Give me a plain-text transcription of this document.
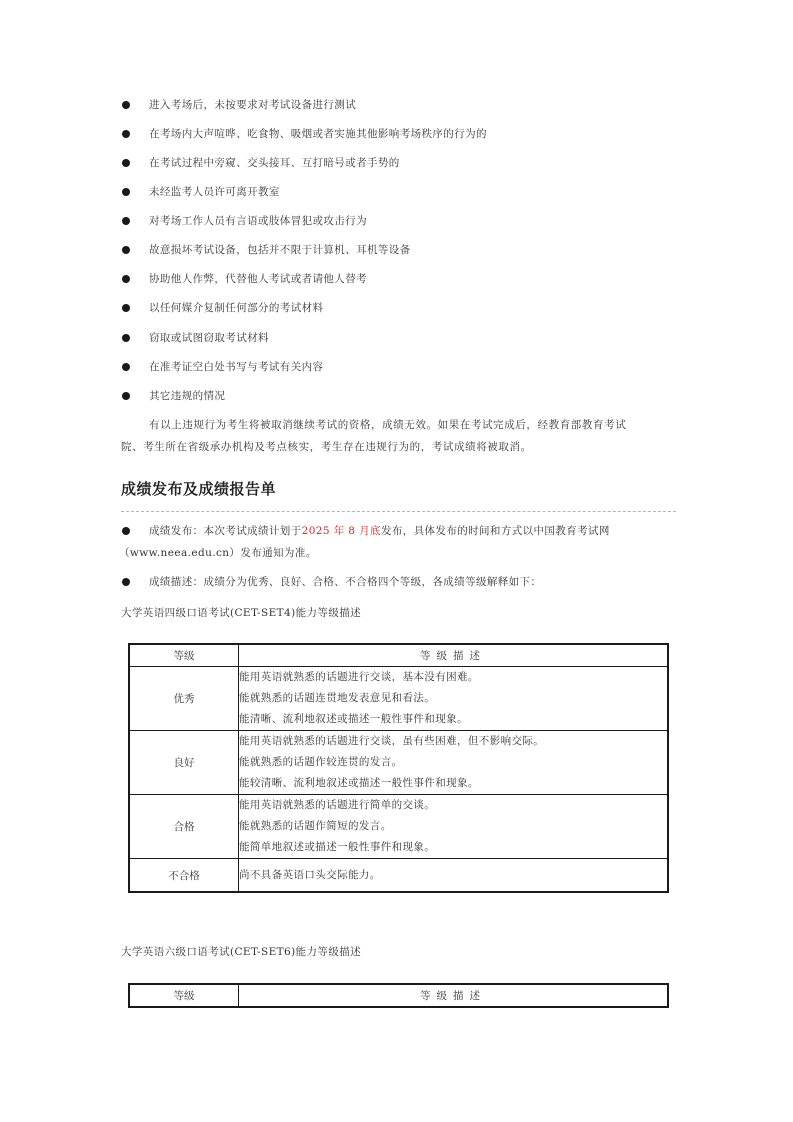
进入考场后，未按要求对考试设备进行测试
在考场内大声喧哗、吃食物、吸烟或者实施其他影响考场秩序的行为的
在考试过程中旁窥、交头接耳、互打暗号或者手势的
未经监考人员许可离开教室
对考场工作人员有言语或肢体冒犯或攻击行为
故意损坏考试设备，包括并不限于计算机、耳机等设备
协助他人作弊，代替他人考试或者请他人替考
以任何媒介复制任何部分的考试材料
窃取或试图窃取考试材料
在准考证空白处书写与考试有关内容
其它违规的情况
有以上违规行为考生将被取消继续考试的资格，成绩无效。如果在考试完成后，经教育部教育考试
院、考生所在省级承办机构及考点核实，考生存在违规行为的，考试成绩将被取消。
成绩发布及成绩报告单
成绩发布：本次考试成绩计划于2025 年 8 月底发布，具体发布的时间和方式以中国教育考试网
（www.neea.edu.cn）发布通知为准。
成绩描述：成绩分为优秀、良好、合格、不合格四个等级，各成绩等级解释如下：
大学英语四级口语考试(CET-SET4)能力等级描述
等级	等级描述
优秀	能用英语就熟悉的话题进行交谈，基本没有困难。
能就熟悉的话题连贯地发表意见和看法。
能清晰、流利地叙述或描述一般性事件和现象。

良好	能用英语就熟悉的话题进行交谈，虽有些困难，但不影响交际。
能就熟悉的话题作较连贯的发言。
能较清晰、流利地叙述或描述一般性事件和现象。

合格	能用英语就熟悉的话题进行简单的交谈。
能就熟悉的话题作简短的发言。
能简单地叙述或描述一般性事件和现象。

不合格	尚不具备英语口头交际能力。
大学英语六级口语考试(CET-SET6)能力等级描述
等级	等级描述
